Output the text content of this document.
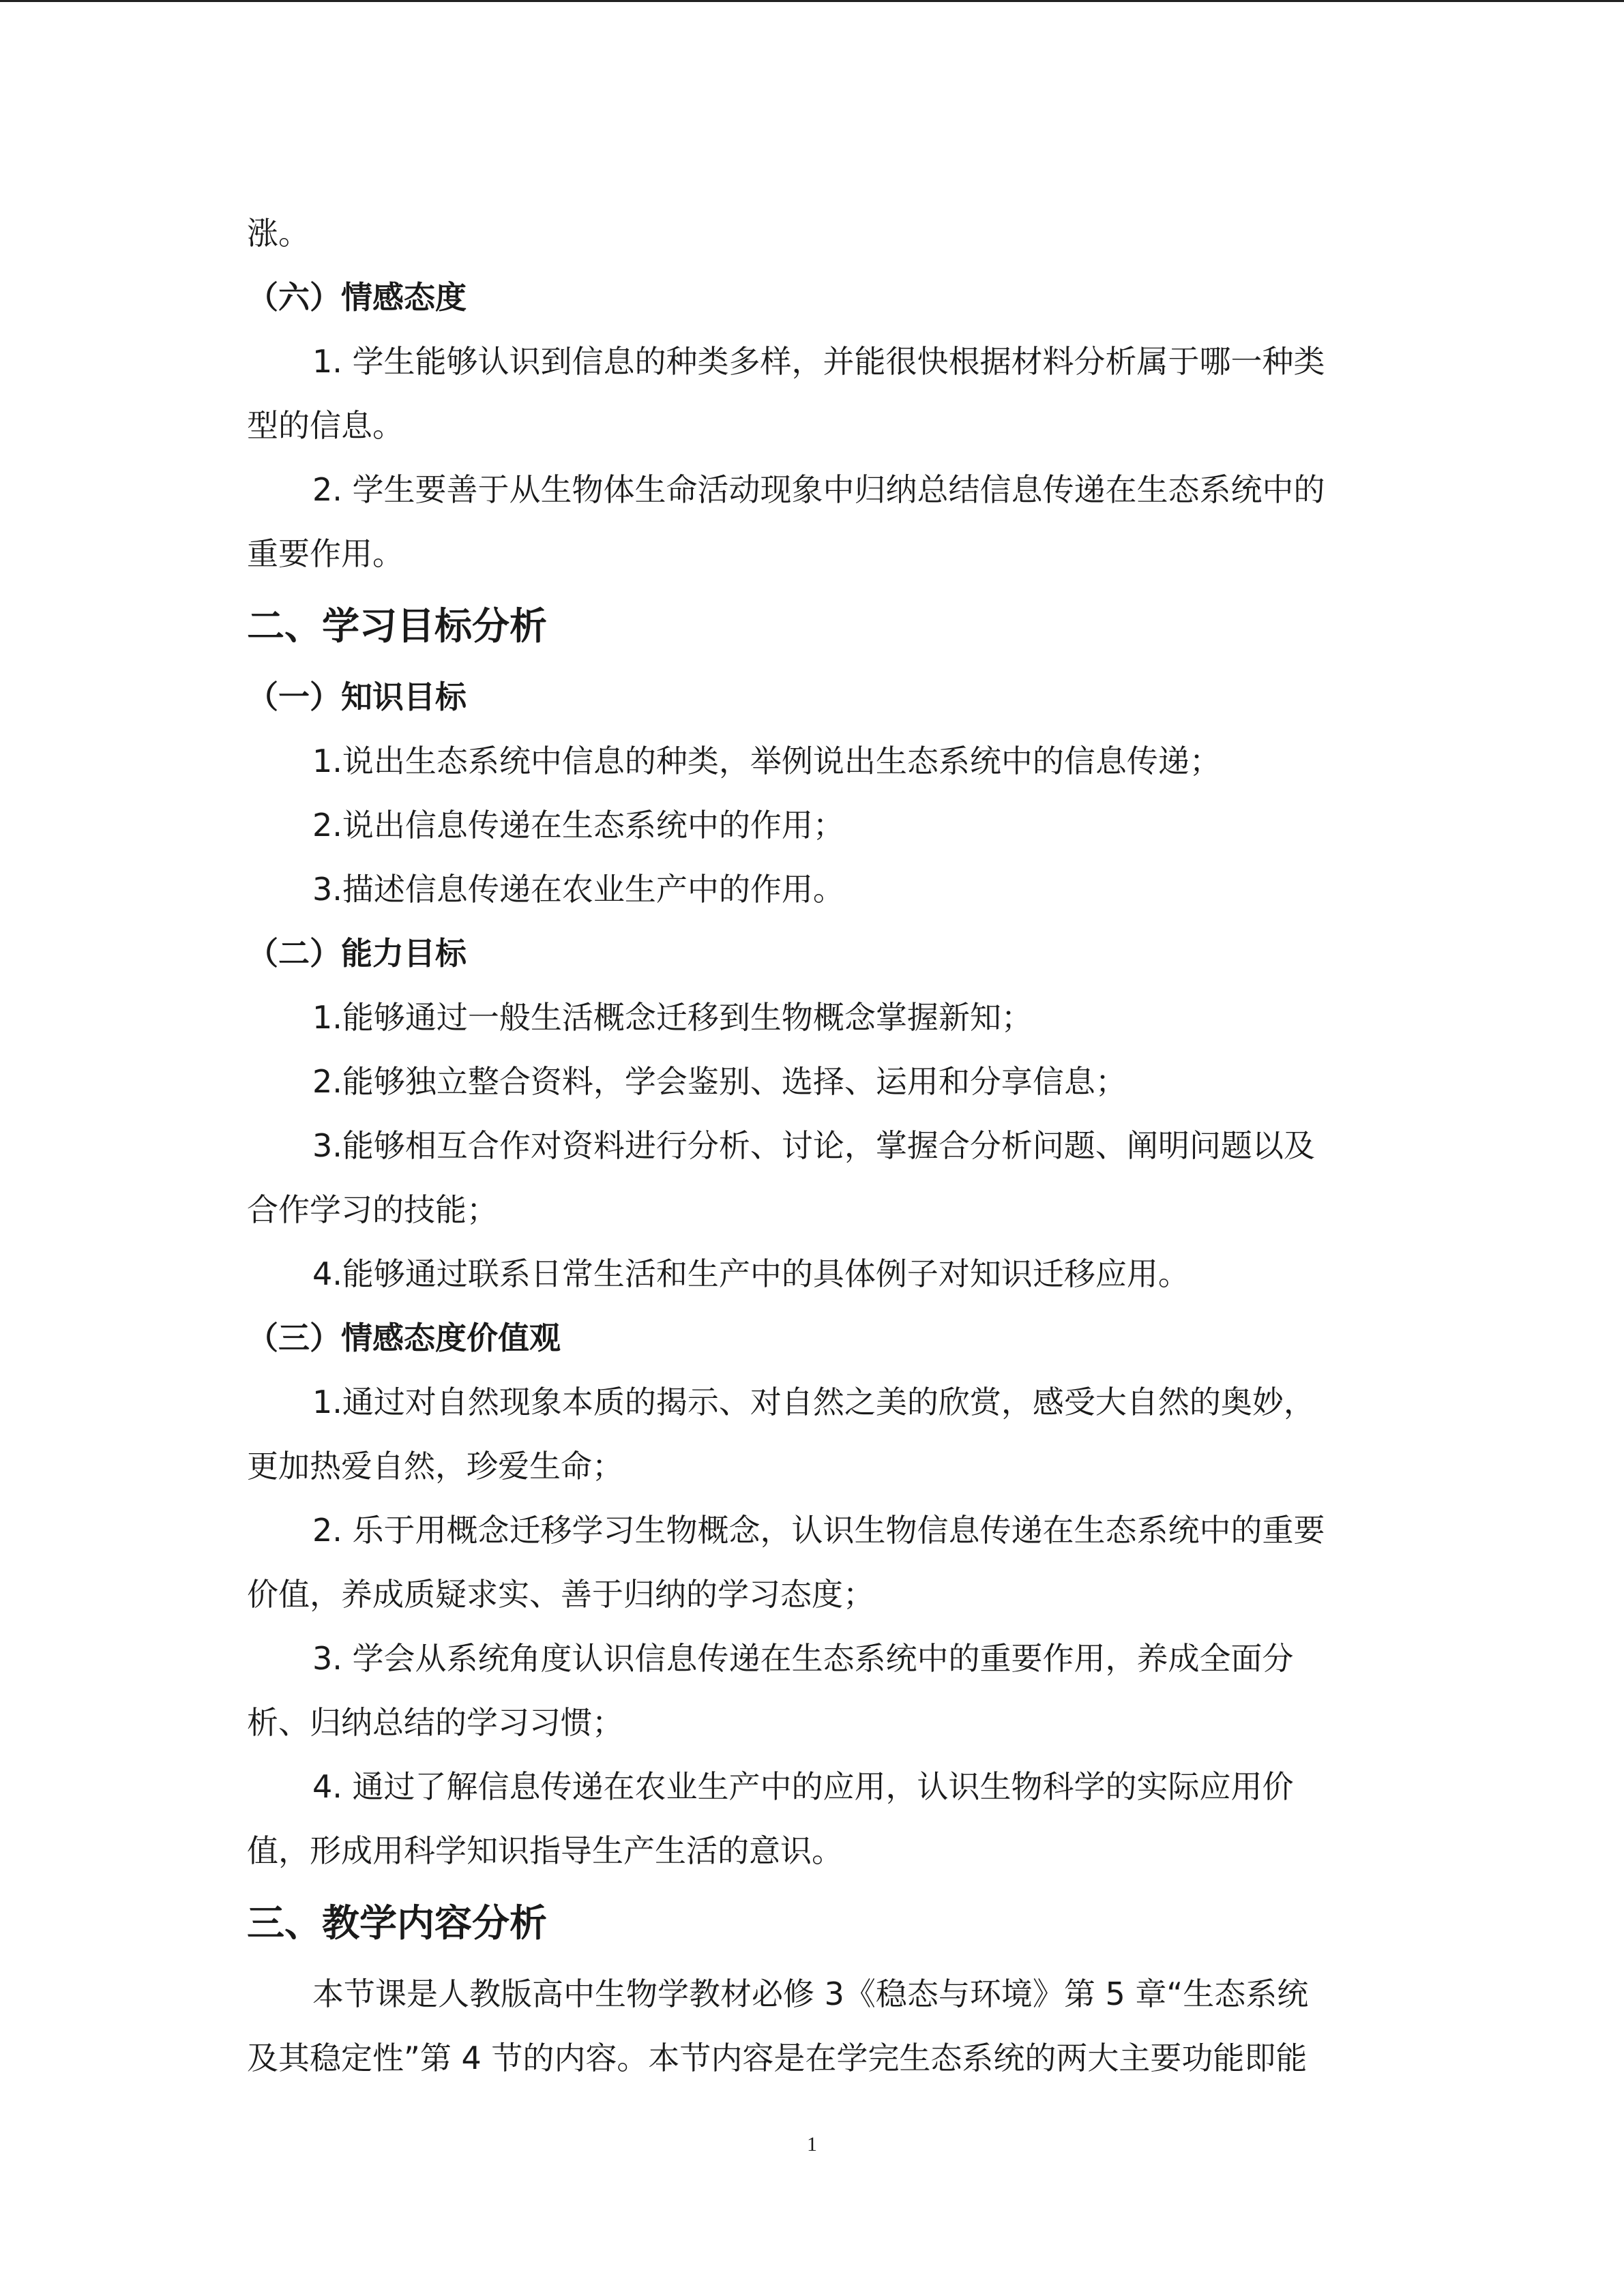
涨。

（六）情感态度

1. 学生能够认识到信息的种类多样，并能很快根据材料分析属于哪一种类

型的信息。

2. 学生要善于从生物体生命活动现象中归纳总结信息传递在生态系统中的

重要作用。

二、学习目标分析

（一）知识目标

1.说出生态系统中信息的种类，举例说出生态系统中的信息传递；

2.说出信息传递在生态系统中的作用；

3.描述信息传递在农业生产中的作用。

（二）能力目标

1.能够通过一般生活概念迁移到生物概念掌握新知；

2.能够独立整合资料，学会鉴别、选择、运用和分享信息；

3.能够相互合作对资料进行分析、讨论，掌握合分析问题、阐明问题以及

合作学习的技能；

4.能够通过联系日常生活和生产中的具体例子对知识迁移应用。

（三）情感态度价值观

1.通过对自然现象本质的揭示、对自然之美的欣赏，感受大自然的奥妙，

更加热爱自然，珍爱生命；

2. 乐于用概念迁移学习生物概念，认识生物信息传递在生态系统中的重要

价值，养成质疑求实、善于归纳的学习态度；

3. 学会从系统角度认识信息传递在生态系统中的重要作用，养成全面分

析、归纳总结的学习习惯；

4. 通过了解信息传递在农业生产中的应用，认识生物科学的实际应用价

值，形成用科学知识指导生产生活的意识。

三、教学内容分析

本节课是人教版高中生物学教材必修 3《稳态与环境》第 5 章“生态系统

及其稳定性”第 4 节的内容。本节内容是在学完生态系统的两大主要功能即能

1
